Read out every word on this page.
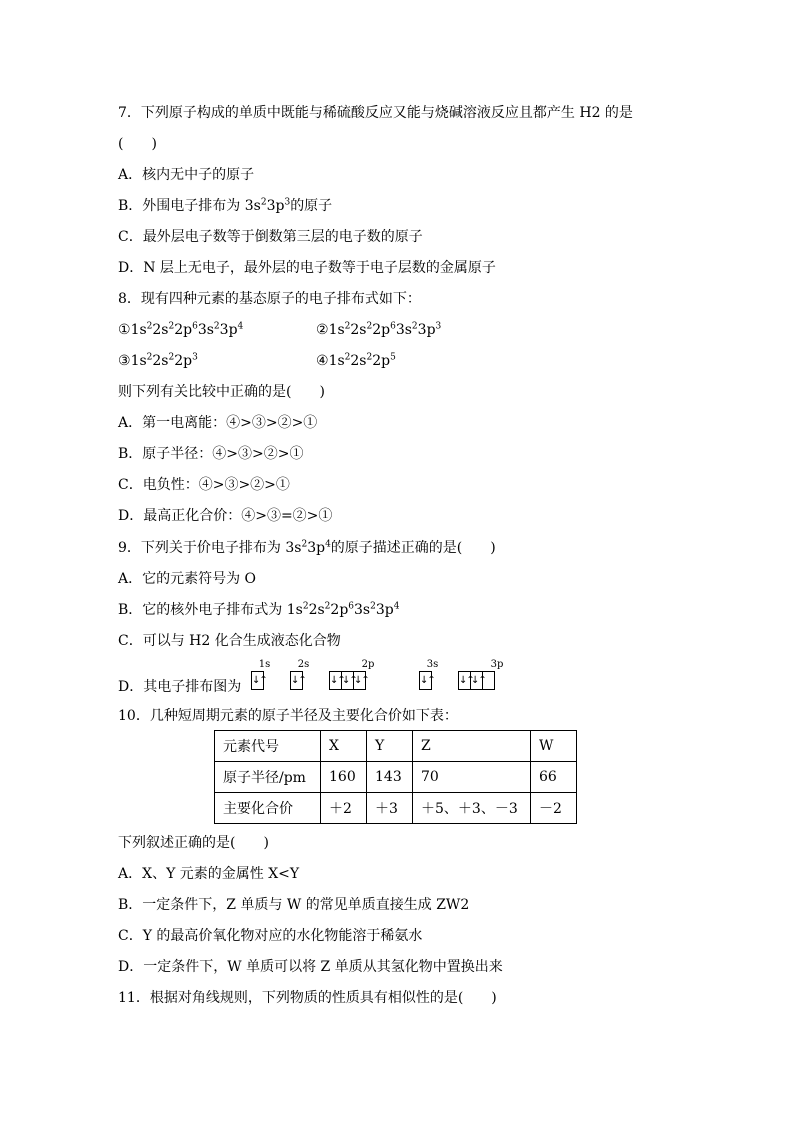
7．下列原子构成的单质中既能与稀硫酸反应又能与烧碱溶液反应且都产生 H2 的是
(　　)
A．核内无中子的原子
B．外围电子排布为 $3s^23p^3$的原子
C．最外层电子数等于倒数第三层的电子数的原子
D．N 层上无电子，最外层的电子数等于电子层数的金属原子
8．现有四种元素的基态原子的电子排布式如下：
$①1s^22s^22p^63s^23p^4$	$②1s^22s^22p^63s^23p^3$
$③1s^22s^22p^3$	$④1s^22s^22p^5$
则下列有关比较中正确的是(　　)
A．第一电离能：④>③>②>①
B．原子半径：④>③>②>①
C．电负性：④>③>②>①
D．最高正化合价：④>③=②>①
9．下列关于价电子排布为 $3s^23p^4$的原子描述正确的是(　　)
A．它的元素符号为 O
B．它的核外电子排布式为 $1s^22s^22p^63s^23p^4$
C．可以与 H2 化合生成液态化合物
D．其电子排布图为
1s
↓↑
2s
↓↑
2p
↓↑
↓↑
↓↑
3s
↓↑
3p
↓↑
↓↑
10．几种短周期元素的原子半径及主要化合价如下表：
元素代号	X	Y	Z	W
原子半径/pm	160	143	70	66
主要化合价	＋2	＋3	＋5、＋3、－3	－2
下列叙述正确的是(　　)
A．X、Y 元素的金属性 X<Y
B．一定条件下，Z 单质与 W 的常见单质直接生成 ZW2
C．Y 的最高价氧化物对应的水化物能溶于稀氨水
D．一定条件下，W 单质可以将 Z 单质从其氢化物中置换出来
11．根据对角线规则，下列物质的性质具有相似性的是(　　)
